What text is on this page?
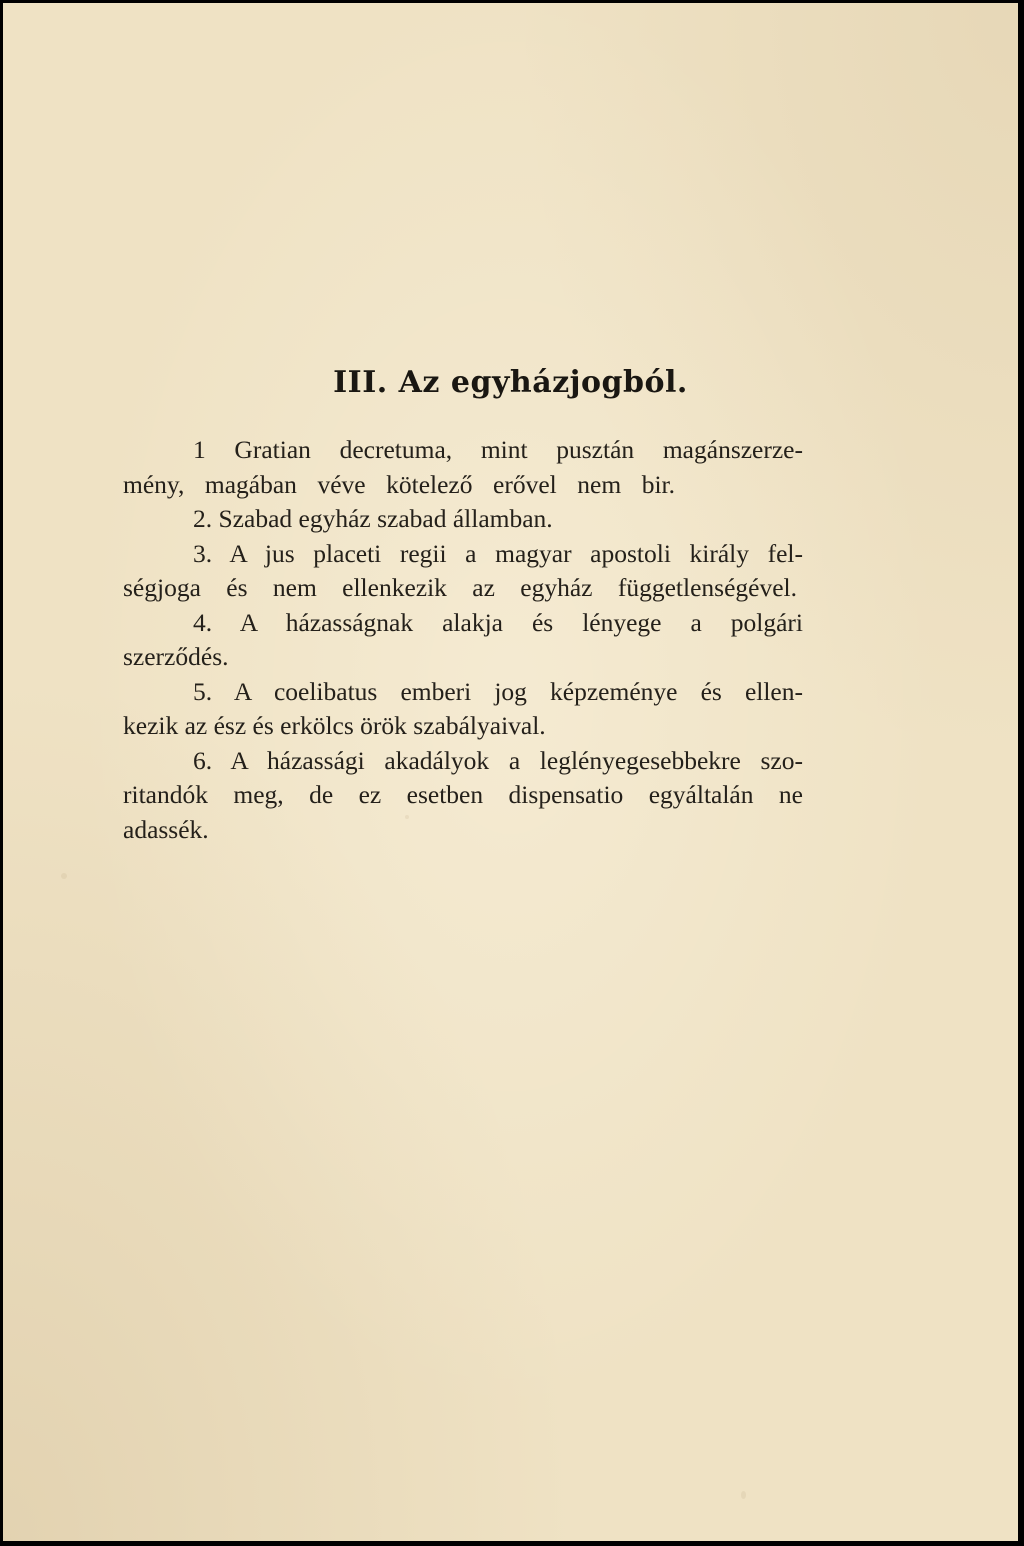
III. Az egyházjogból.
1 Gratian decretuma, mint pusztán magánszerze-
mény, magában véve kötelező erővel nem bir.
2. Szabad egyház szabad államban.
3. A jus placeti regii a magyar apostoli király fel-
ségjoga és nem ellenkezik az egyház függetlenségével.
4. A házasságnak alakja és lényege a polgári
szerződés.
5. A coelibatus emberi jog képzeménye és ellen-
kezik az ész és erkölcs örök szabályaival.
6. A házassági akadályok a leglényegesebbekre szo-
ritandók meg, de ez esetben dispensatio egyáltalán ne
adassék.
